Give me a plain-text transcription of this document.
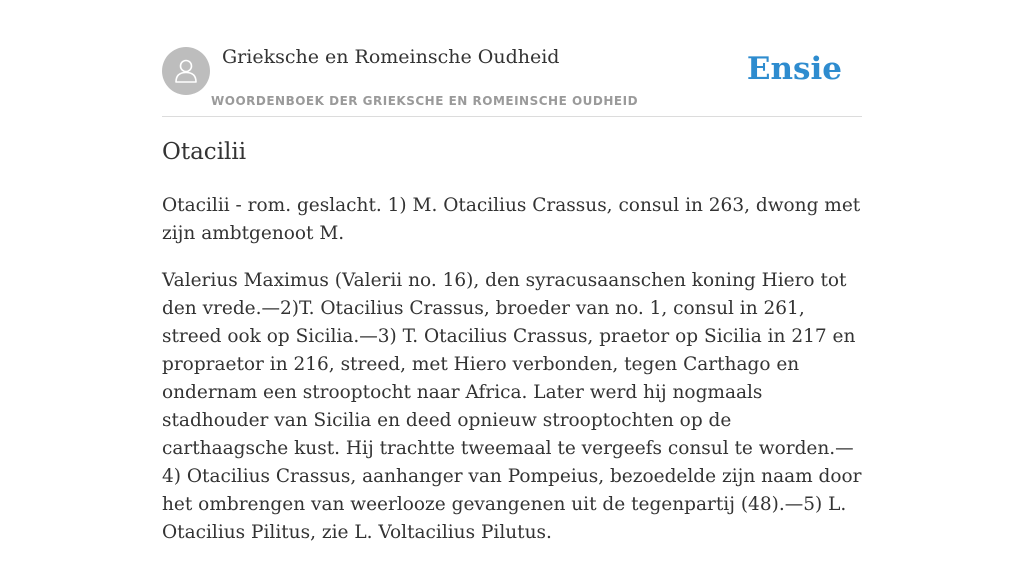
Grieksche en Romeinsche Oudheid
WOORDENBOEK DER GRIEKSCHE EN ROMEINSCHE OUDHEID
Ensie
Otacilii

Otacilii - rom. geslacht. 1) M. Otacilius Crassus, consul in 263, dwong met zijn ambtgenoot M.

Valerius Maximus (Valerii no. 16), den syracusaanschen koning Hiero tot den vrede.—2)T. Otacilius Crassus, broeder van no. 1, consul in 261, streed ook op Sicilia.—3) T. Otacilius Crassus, praetor op Sicilia in 217 en propraetor in 216, streed, met Hiero verbonden, tegen Carthago en ondernam een strooptocht naar Africa. Later werd hij nogmaals stadhouder van Sicilia en deed opnieuw strooptochten op de carthaagsche kust. Hij trachtte tweemaal te vergeefs consul te worden.—4) Otacilius Crassus, aanhanger van Pompeius, bezoedelde zijn naam door het ombrengen van weerlooze gevangenen uit de tegenpartij (48).—5) L. Otacilius Pilitus, zie L. Voltacilius Pilutus.
